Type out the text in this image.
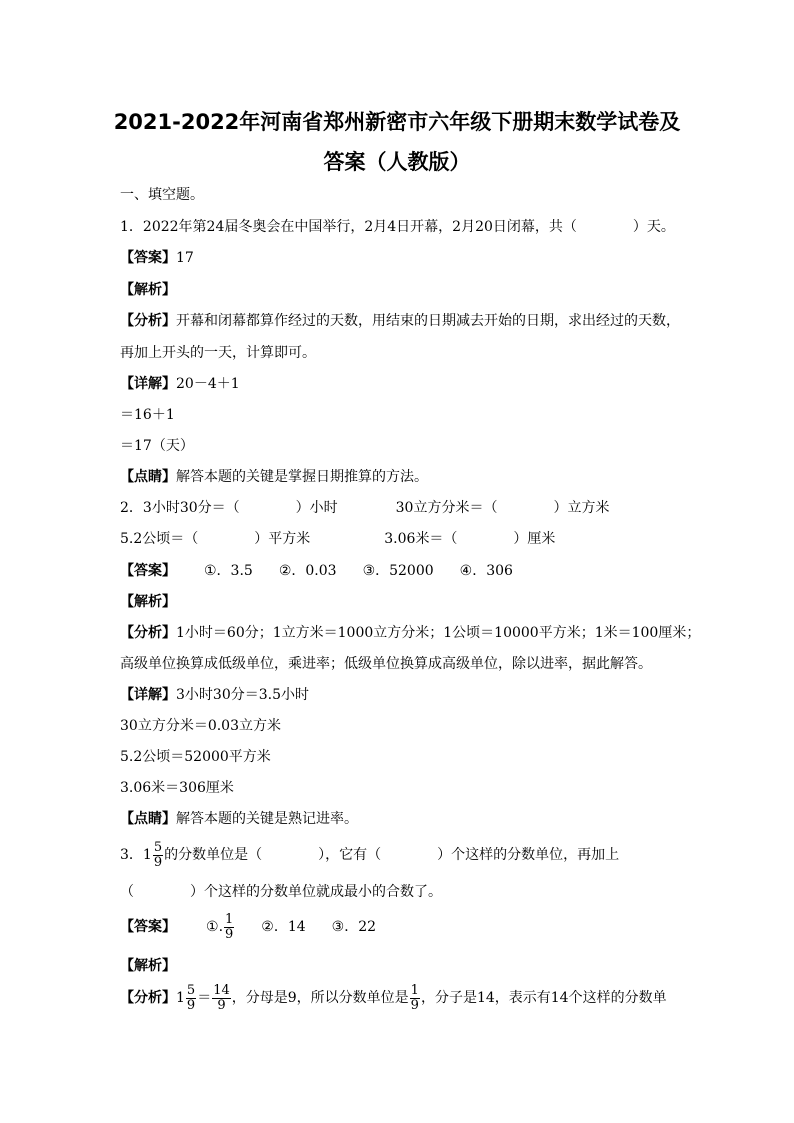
2021-2022年河南省郑州新密市六年级下册期末数学试卷及
答案（人教版）
一、填空题。
1．2022年第24届冬奥会在中国举行，2月4日开幕，2月20日闭幕，共（　　　　）天。
【答案】17
【解析】
【分析】开幕和闭幕都算作经过的天数，用结束的日期减去开始的日期，求出经过的天数，
再加上开头的一天，计算即可。
【详解】20－4＋1
＝16＋1
＝17（天）
【点睛】解答本题的关键是掌握日期推算的方法。
2．3小时30分＝（　　　　）小时	30立方分米＝（　　　　）立方米
5.2公顷＝（　　　　）平方米	3.06米＝（　　　　）厘米
【答案】 ①．3.5 ②．0.03 ③．52000 ④．306
【解析】
【分析】1小时＝60分；1立方米＝1000立方分米；1公顷＝10000平方米；1米＝100厘米；
高级单位换算成低级单位，乘进率；低级单位换算成高级单位，除以进率，据此解答。
【详解】3小时30分＝3.5小时
30立方分米＝0.03立方米
5.2公顷＝52000平方米
3.06米＝306厘米
【点睛】解答本题的关键是熟记进率。
3．$1 \frac{5}{9}$ 的分数单位是（　　　　），它有（　　　　）个这样的分数单位，再加上
（　　　　）个这样的分数单位就成最小的合数了。
【答案】 ①. $\frac{1}{9}$ ②．14 ③．22
【解析】
【分析】$1 \frac{5}{9} = \frac{14}{9}$ ，分母是9，所以分数单位是 $\frac{1}{9}$ ，分子是14，表示有14个这样的分数单
